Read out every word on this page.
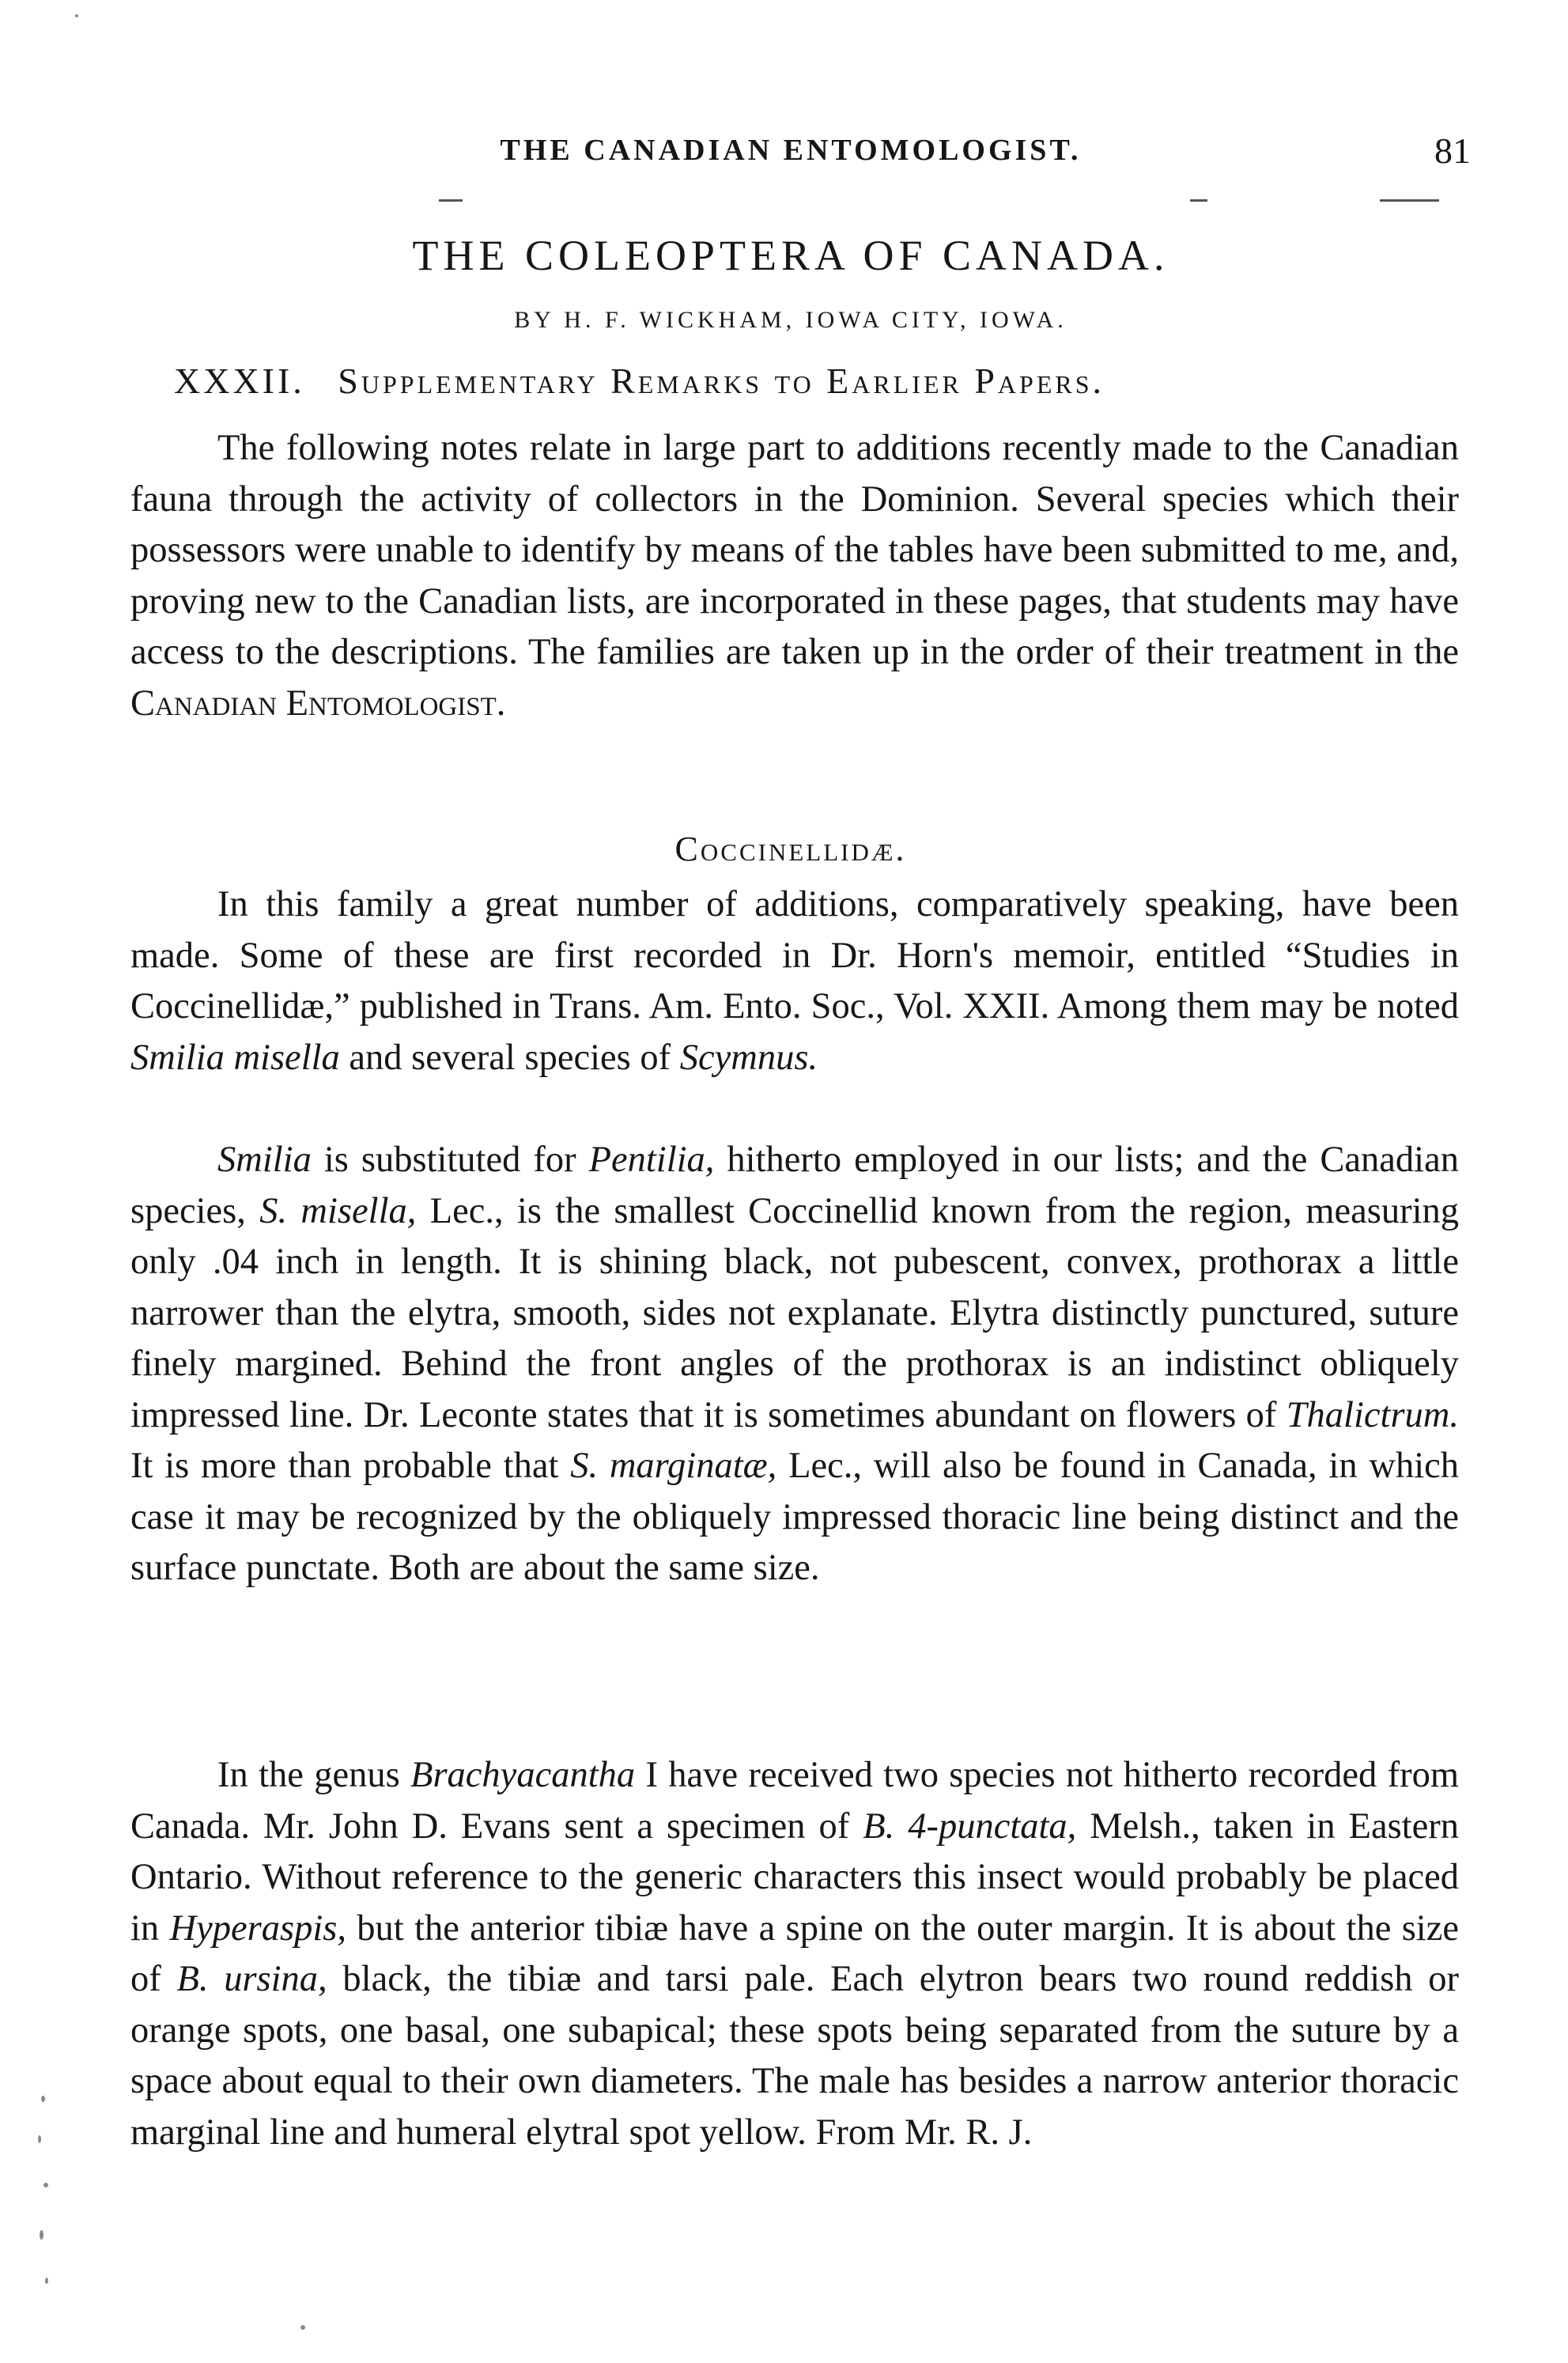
THE CANADIAN ENTOMOLOGIST.	81
THE COLEOPTERA OF CANADA.
BY H. F. WICKHAM, IOWA CITY, IOWA.
XXXII. Supplementary Remarks to Earlier Papers.

The following notes relate in large part to additions recently made to the Canadian fauna through the activity of collectors in the Dominion. Several species which their possessors were unable to identify by means of the tables have been submitted to me, and, proving new to the Canadian lists, are incorporated in these pages, that students may have access to the descriptions. The families are taken up in the order of their treatment in the Canadian Entomologist.

Coccinellidæ.

In this family a great number of additions, comparatively speaking, have been made. Some of these are first recorded in Dr. Horn's memoir, entitled “Studies in Coccinellidæ,” published in Trans. Am. Ento. Soc., Vol. XXII. Among them may be noted Smilia misella and several species of Scymnus.

Smilia is substituted for Pentilia, hitherto employed in our lists; and the Canadian species, S. misella, Lec., is the smallest Coccinellid known from the region, measuring only .04 inch in length. It is shining black, not pubescent, convex, prothorax a little narrower than the elytra, smooth, sides not explanate. Elytra distinctly punctured, suture finely margined. Behind the front angles of the prothorax is an indistinct obliquely impressed line. Dr. Leconte states that it is sometimes abundant on flowers of Thalictrum. It is more than probable that S. marginatæ, Lec., will also be found in Canada, in which case it may be recognized by the obliquely impressed thoracic line being distinct and the surface punctate. Both are about the same size.

In the genus Brachyacantha I have received two species not hitherto recorded from Canada. Mr. John D. Evans sent a specimen of B. 4-punctata, Melsh., taken in Eastern Ontario. Without reference to the generic characters this insect would probably be placed in Hyperaspis, but the anterior tibiæ have a spine on the outer margin. It is about the size of B. ursina, black, the tibiæ and tarsi pale. Each elytron bears two round reddish or orange spots, one basal, one subapical; these spots being separated from the suture by a space about equal to their own diameters. The male has besides a narrow anterior thoracic marginal line and humeral elytral spot yellow. From Mr. R. J.
